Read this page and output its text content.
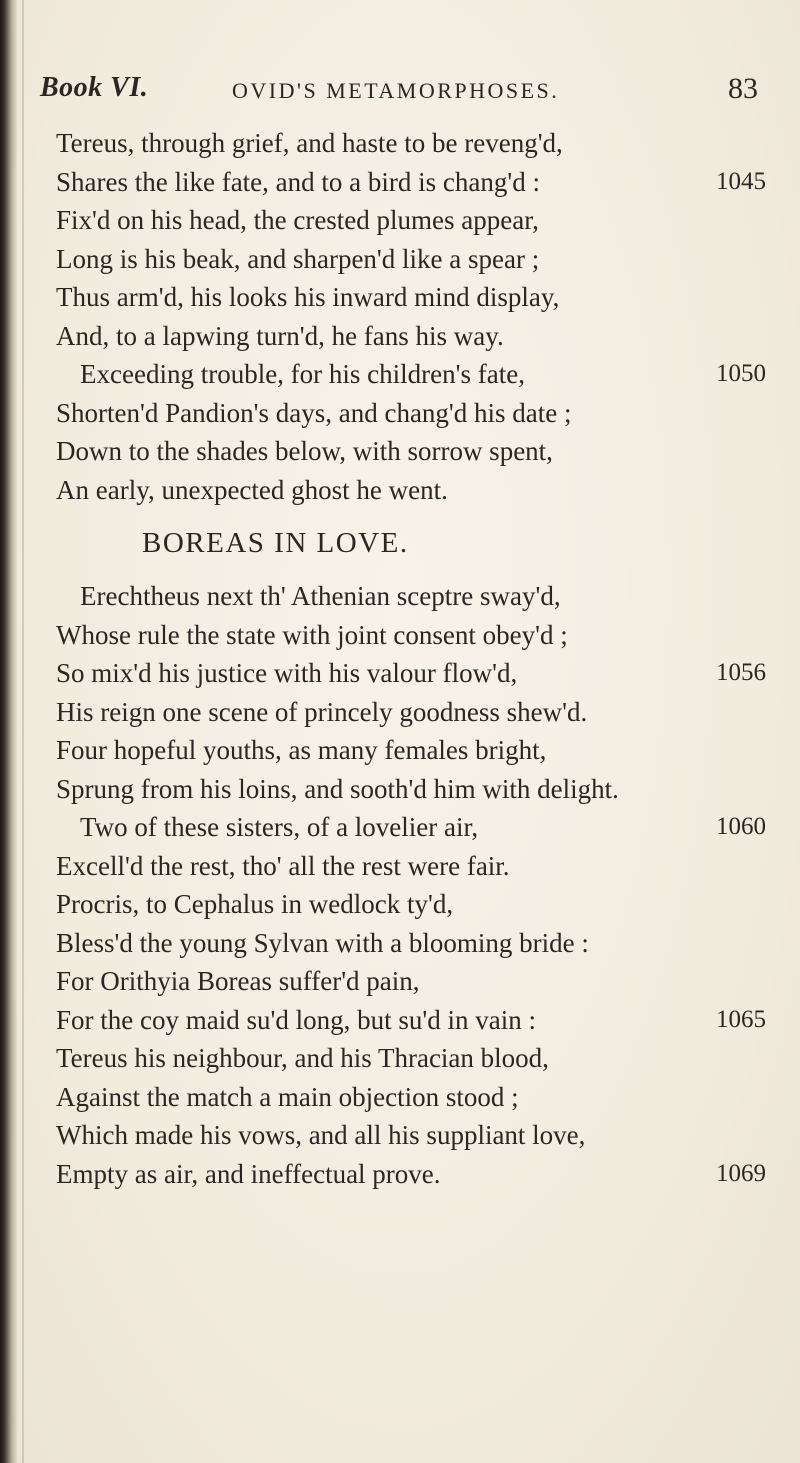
Book VI.	OVID'S METAMORPHOSES.	83
Tereus, through grief, and haste to be reveng'd,
Shares the like fate, and to a bird is chang'd :	1045
Fix'd on his head, the crested plumes appear,
Long is his beak, and sharpen'd like a spear ;
Thus arm'd, his looks his inward mind display,
And, to a lapwing turn'd, he fans his way.
Exceeding trouble, for his children's fate,	1050
Shorten'd Pandion's days, and chang'd his date ;
Down to the shades below, with sorrow spent,
An early, unexpected ghost he went.
BOREAS IN LOVE.
Erechtheus next th' Athenian sceptre sway'd,
Whose rule the state with joint consent obey'd ;
So mix'd his justice with his valour flow'd,	1056
His reign one scene of princely goodness shew'd.
Four hopeful youths, as many females bright,
Sprung from his loins, and sooth'd him with delight.
Two of these sisters, of a lovelier air,	1060
Excell'd the rest, tho' all the rest were fair.
Procris, to Cephalus in wedlock ty'd,
Bless'd the young Sylvan with a blooming bride :
For Orithyia Boreas suffer'd pain,
For the coy maid su'd long, but su'd in vain :	1065
Tereus his neighbour, and his Thracian blood,
Against the match a main objection stood ;
Which made his vows, and all his suppliant love,
Empty as air, and ineffectual prove.	1069
